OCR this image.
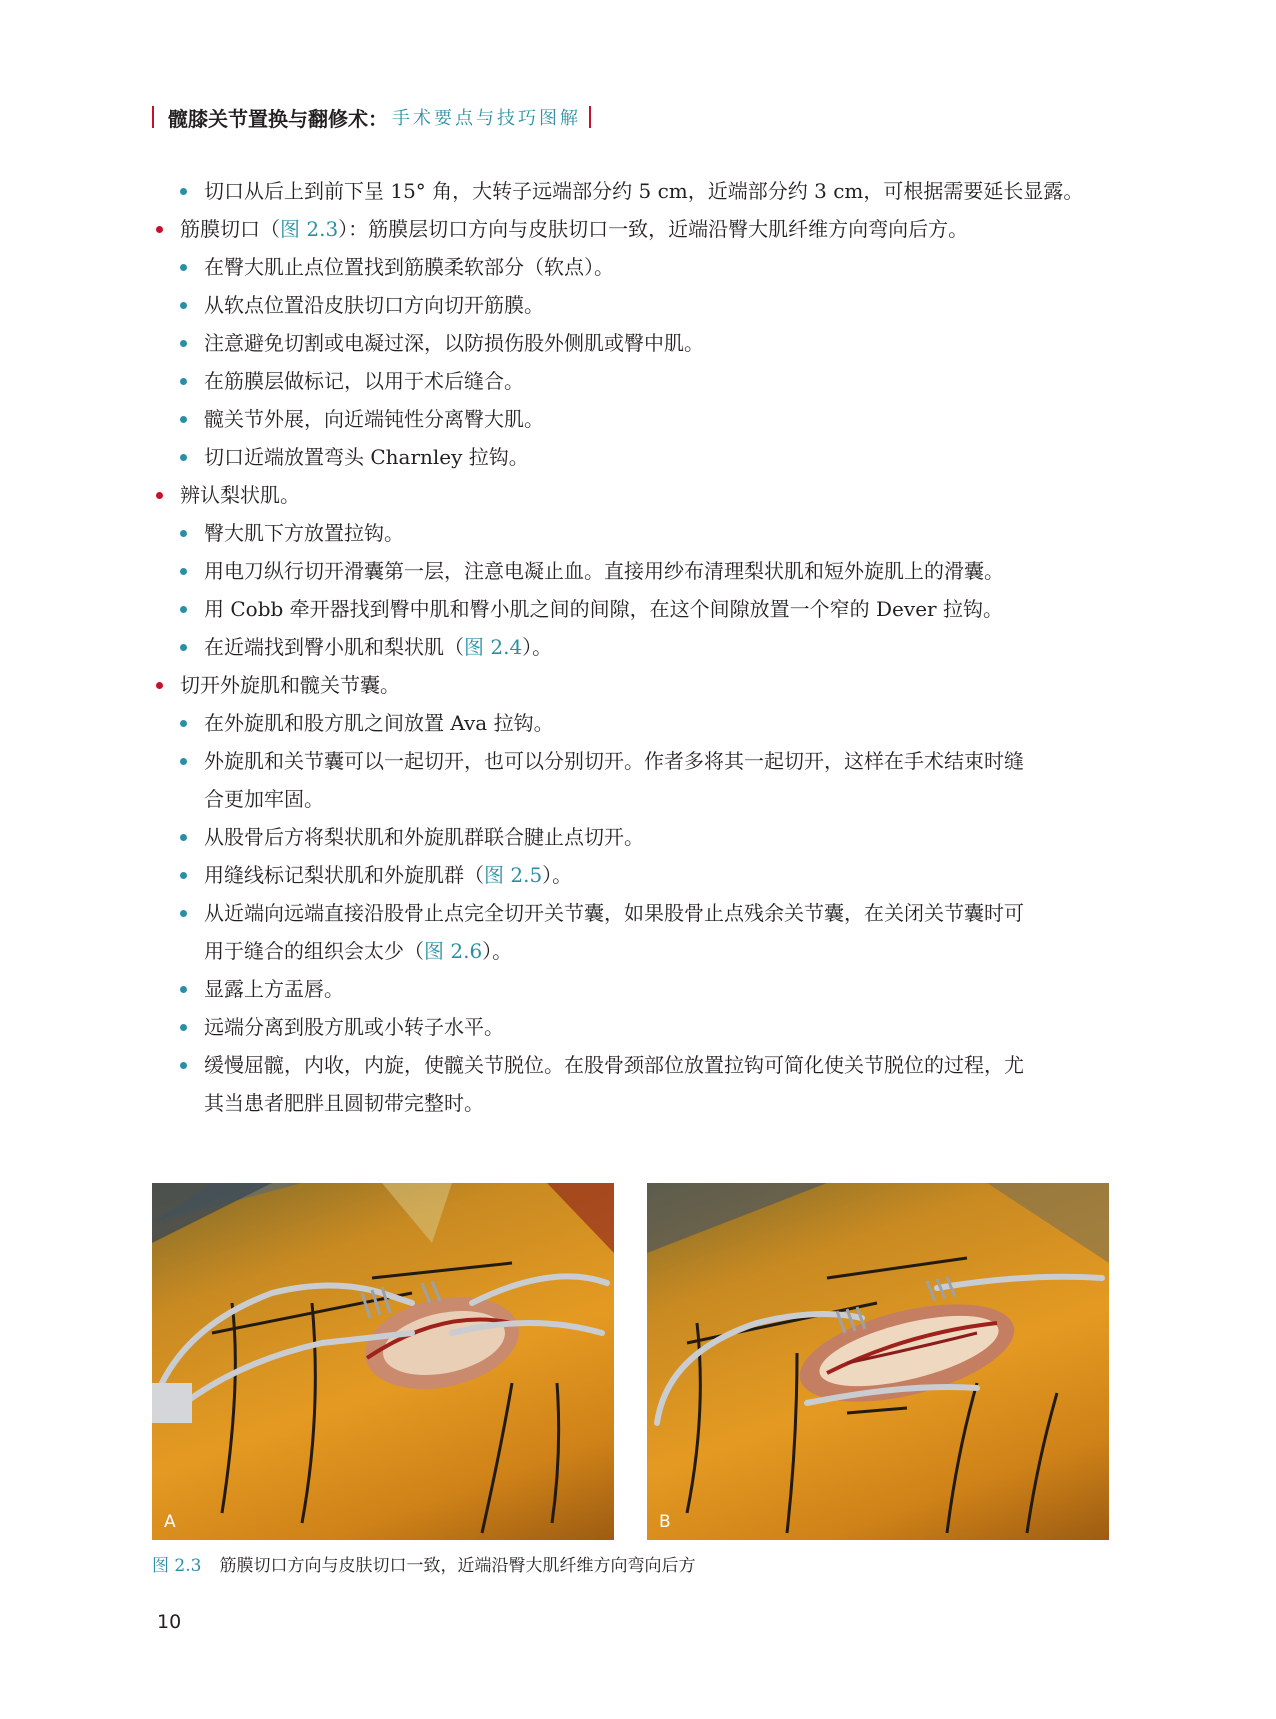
髋膝关节置换与翻修术： 手术要点与技巧图解
切口从后上到前下呈 15° 角，大转子远端部分约 5 cm，近端部分约 3 cm，可根据需要延长显露。
筋膜切口（图 2.3）：筋膜层切口方向与皮肤切口一致，近端沿臀大肌纤维方向弯向后方。
在臀大肌止点位置找到筋膜柔软部分（软点）。
从软点位置沿皮肤切口方向切开筋膜。
注意避免切割或电凝过深，以防损伤股外侧肌或臀中肌。
在筋膜层做标记，以用于术后缝合。
髋关节外展，向近端钝性分离臀大肌。
切口近端放置弯头 Charnley 拉钩。
辨认梨状肌。
臀大肌下方放置拉钩。
用电刀纵行切开滑囊第一层，注意电凝止血。直接用纱布清理梨状肌和短外旋肌上的滑囊。
用 Cobb 牵开器找到臀中肌和臀小肌之间的间隙，在这个间隙放置一个窄的 Dever 拉钩。
在近端找到臀小肌和梨状肌（图 2.4）。
切开外旋肌和髋关节囊。
在外旋肌和股方肌之间放置 Ava 拉钩。
外旋肌和关节囊可以一起切开，也可以分别切开。作者多将其一起切开，这样在手术结束时缝
合更加牢固。
从股骨后方将梨状肌和外旋肌群联合腱止点切开。
用缝线标记梨状肌和外旋肌群（图 2.5）。
从近端向远端直接沿股骨止点完全切开关节囊，如果股骨止点残余关节囊，在关闭关节囊时可
用于缝合的组织会太少（图 2.6）。
显露上方盂唇。
远端分离到股方肌或小转子水平。
缓慢屈髋，内收，内旋，使髋关节脱位。在股骨颈部位放置拉钩可简化使关节脱位的过程，尤
其当患者肥胖且圆韧带完整时。
A	B
图 2.3 筋膜切口方向与皮肤切口一致，近端沿臀大肌纤维方向弯向后方
10
